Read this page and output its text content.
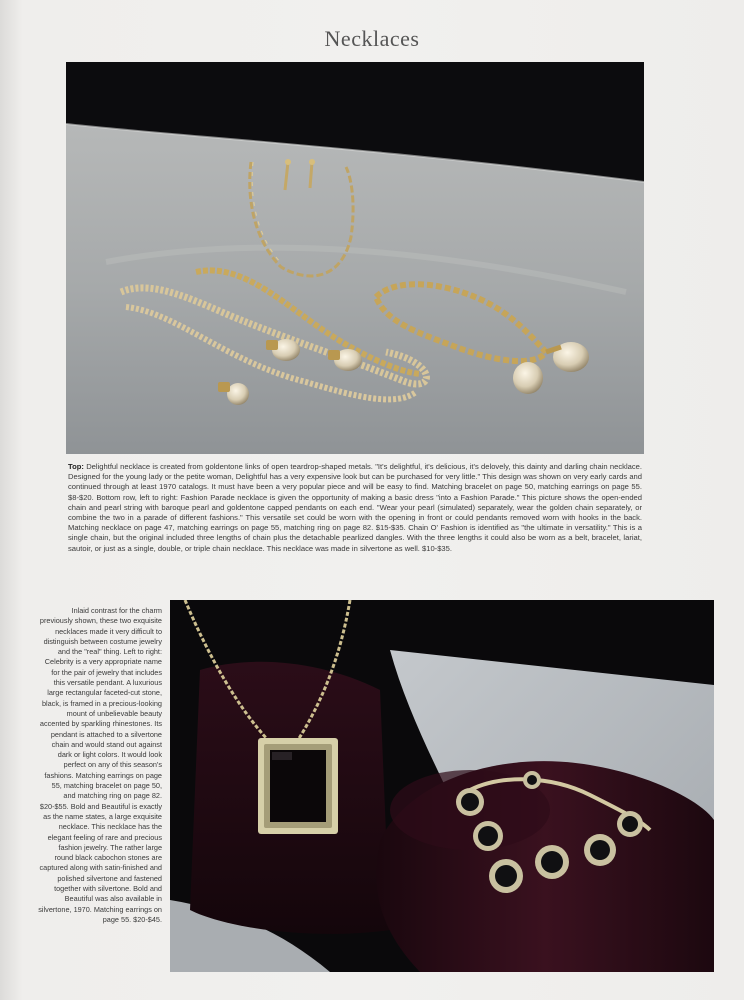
Necklaces
Top: Delightful necklace is created from goldentone links of open teardrop-shaped metals. "It's delightful, it's delicious, it's delovely, this dainty and darling chain necklace. Designed for the young lady or the petite woman, Delightful has a very expensive look but can be purchased for very little." This design was shown on very early cards and continued through at least 1970 catalogs. It must have been a very popular piece and will be easy to find. Matching bracelet on page 50, matching earrings on page 55. $8-$20. Bottom row, left to right: Fashion Parade necklace is given the opportunity of making a basic dress "into a Fashion Parade." This picture shows the open-ended chain and pearl string with baroque pearl and goldentone capped pendants on each end. "Wear your pearl (simulated) separately, wear the golden chain separately, or combine the two in a parade of different fashions." This versatile set could be worn with the opening in front or could pendants removed worn with hooks in the back. Matching necklace on page 47, matching earrings on page 55, matching ring on page 82. $15-$35. Chain O' Fashion is identified as "the ultimate in versatility." This is a single chain, but the original included three lengths of chain plus the detachable pearlized dangles. With the three lengths it could also be worn as a belt, bracelet, lariat, sautoir, or just as a single, double, or triple chain necklace. This necklace was made in silvertone as well. $10-$35.
Inlaid contrast for the charm previously shown, these two exquisite necklaces made it very difficult to distinguish between costume jewelry and the "real" thing. Left to right: Celebrity is a very appropriate name for the pair of jewelry that includes this versatile pendant. A luxurious large rectangular faceted-cut stone, black, is framed in a precious-looking mount of unbelievable beauty accented by sparkling rhinestones. Its pendant is attached to a silvertone chain and would stand out against dark or light colors. It would look perfect on any of this season's fashions. Matching earrings on page 55, matching bracelet on page 50, and matching ring on page 82. $20-$55. Bold and Beautiful is exactly as the name states, a large exquisite necklace. This necklace has the elegant feeling of rare and precious fashion jewelry. The rather large round black cabochon stones are captured along with satin-finished and polished silvertone and fastened together with silvertone. Bold and Beautiful was also available in silvertone, 1970. Matching earrings on page 55. $20-$45.
